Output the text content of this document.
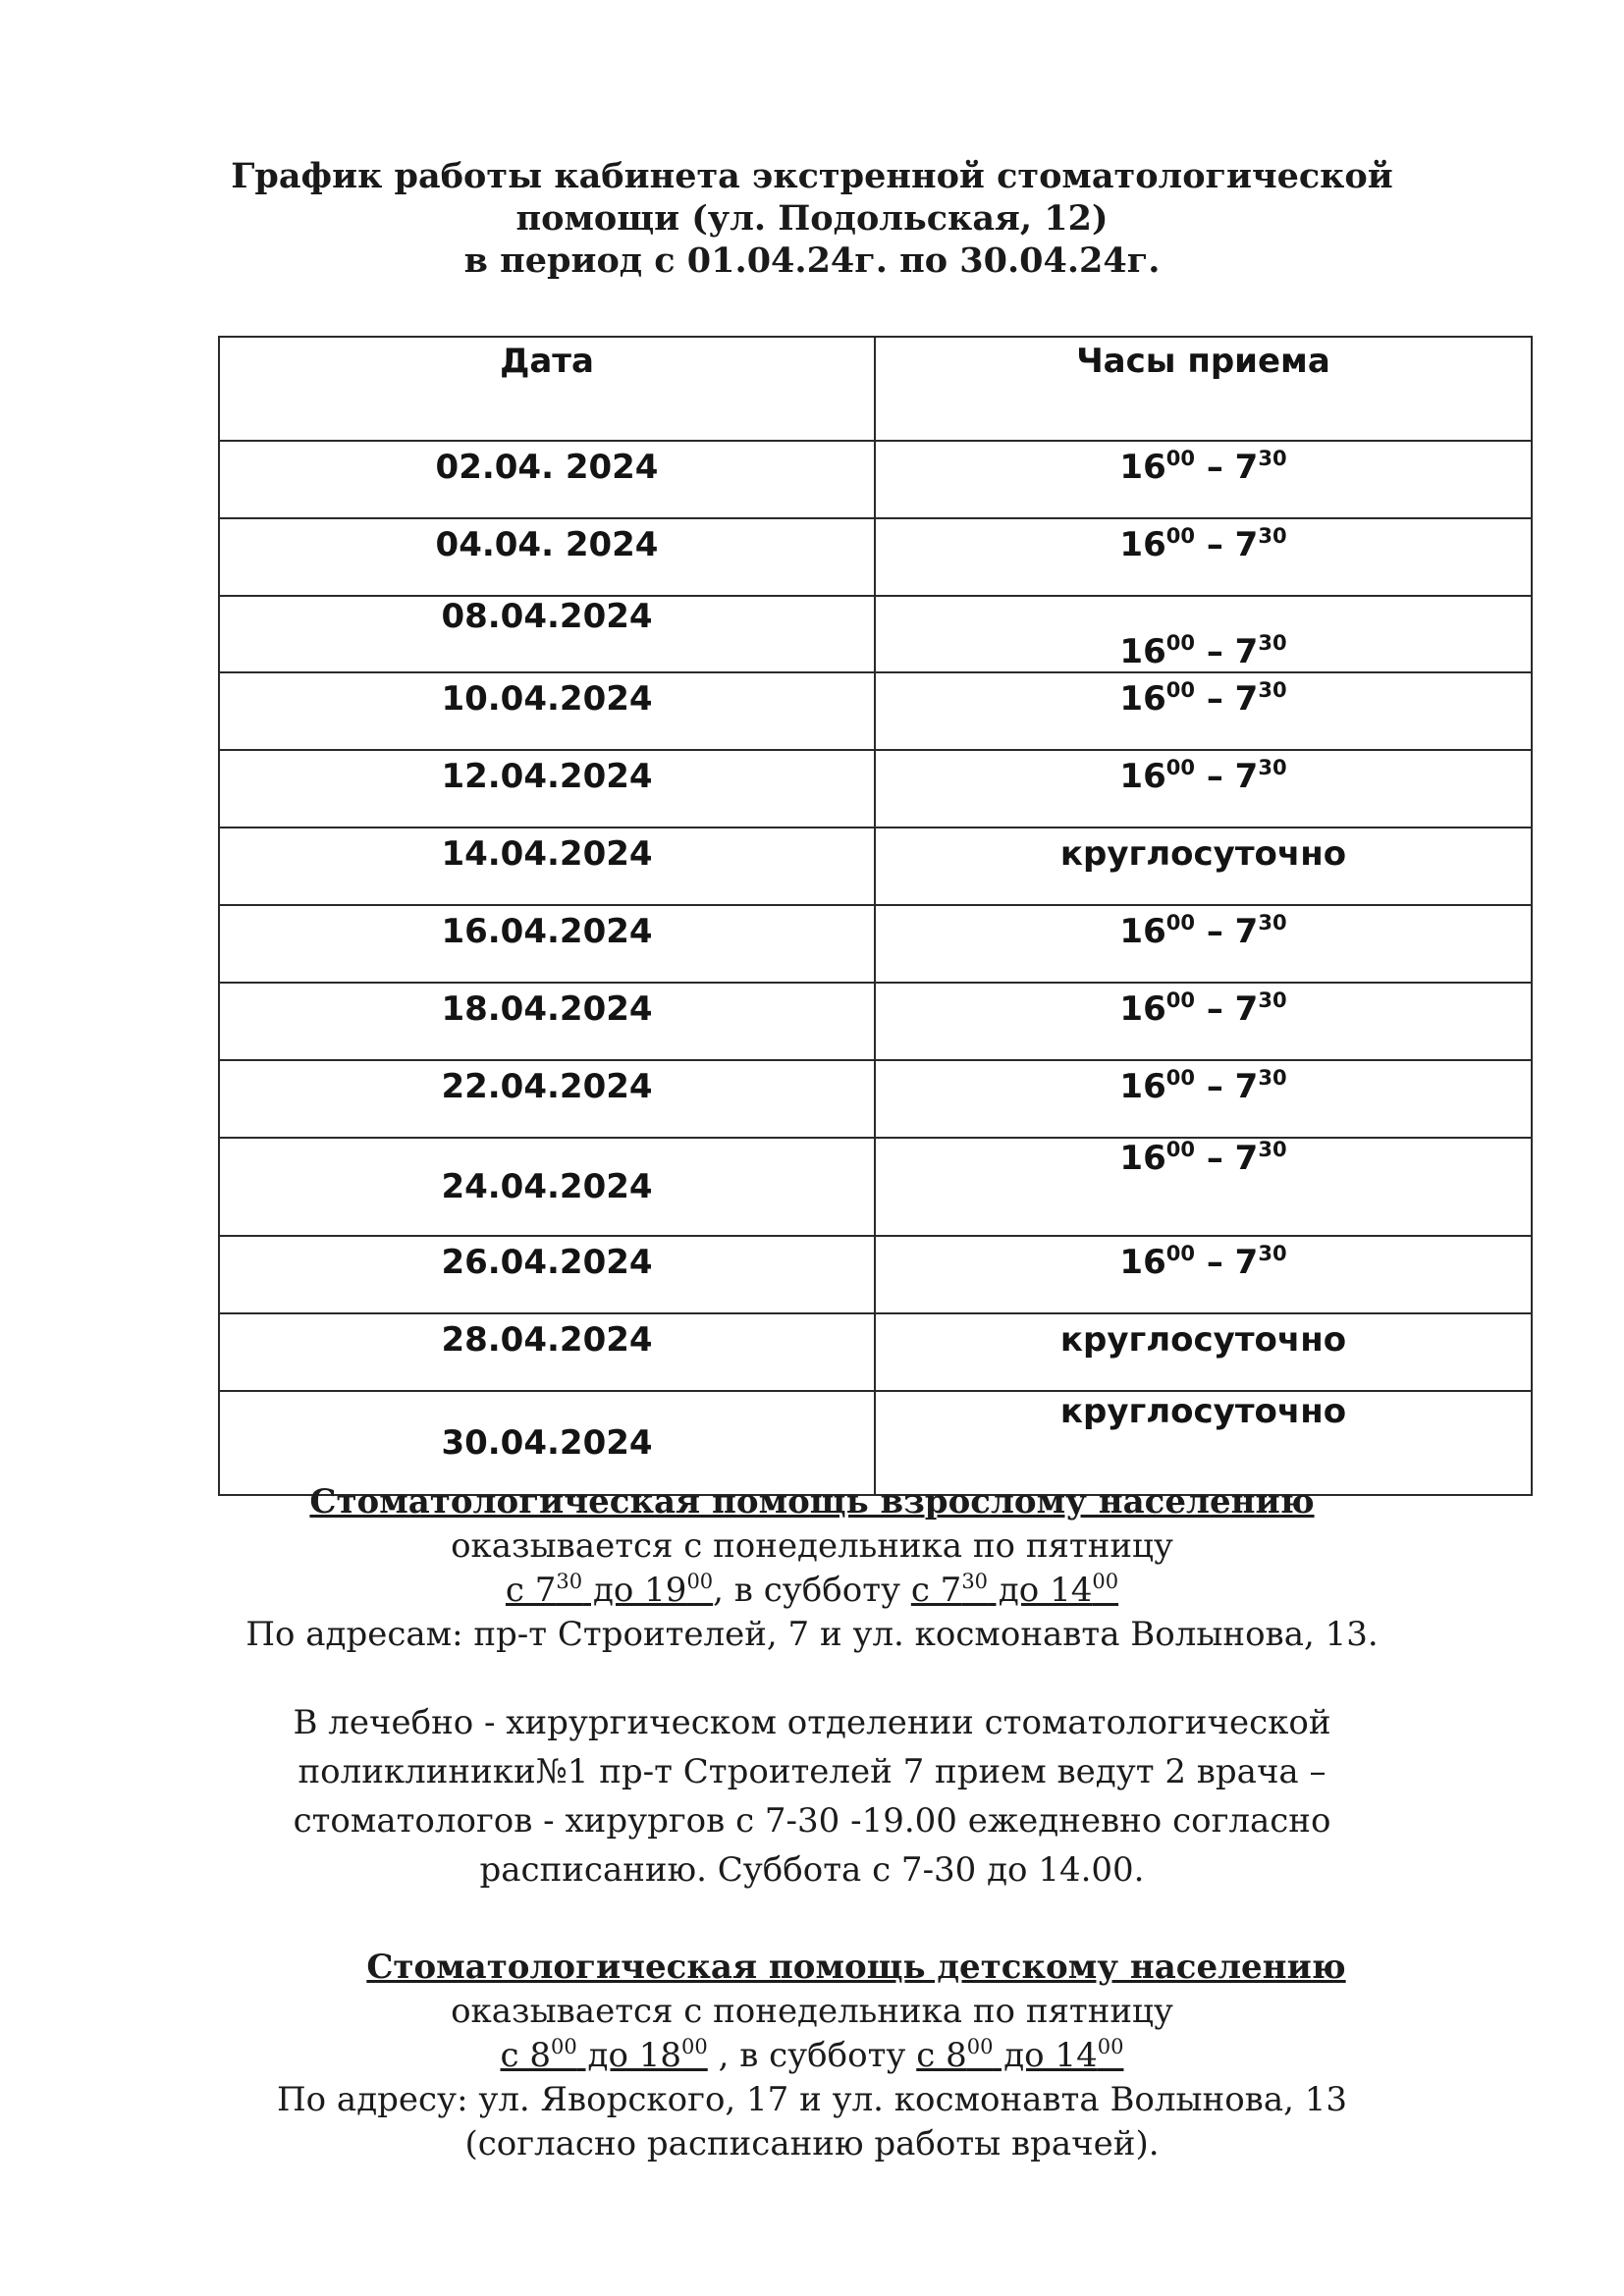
График работы кабинета экстренной стоматологической
помощи (ул. Подольская, 12)
в период с 01.04.24г. по 30.04.24г.
Дата	Часы приема
02.04. 2024	$16^{00} - 7^{30}$
04.04. 2024	$16^{00} - 7^{30}$
08.04.2024	$16^{00} - 7^{30}$
10.04.2024	$16^{00} - 7^{30}$
12.04.2024	$16^{00} - 7^{30}$
14.04.2024	круглосуточно
16.04.2024	$16^{00} - 7^{30}$
18.04.2024	$16^{00} - 7^{30}$
22.04.2024	$16^{00} - 7^{30}$
24.04.2024	$16^{00} - 7^{30}$
26.04.2024	$16^{00} - 7^{30}$
28.04.2024	круглосуточно
30.04.2024	круглосуточно
Стоматологическая помощь взрослому населению
оказывается с понедельника по пятницу
с $7^{30}$ до $19^{00}$, в субботу с $7^{30}$ до $14^{00}$
По адресам: пр-т Строителей, 7 и ул. космонавта Волынова, 13.
В лечебно - хирургическом отделении стоматологической
поликлиники№1 пр-т Строителей 7 прием ведут 2 врача –
стоматологов - хирургов с 7-30 -19.00 ежедневно согласно
расписанию. Суббота с 7-30 до 14.00.
Стоматологическая помощь детскому населению
оказывается с понедельника по пятницу
с $8^{00}$ до $18^{00}$ , в субботу с $8^{00}$ до $14^{00}$
По адресу: ул. Яворского, 17 и ул. космонавта Волынова, 13
(согласно расписанию работы врачей).
